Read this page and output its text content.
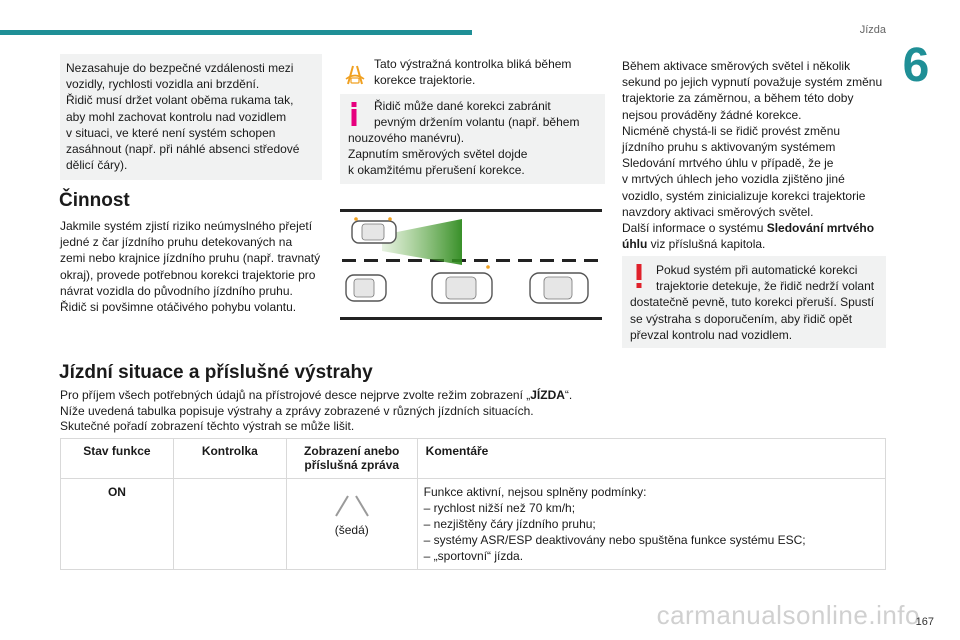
Jízda
6
Nezasahuje do bezpečné vzdálenosti mezi
vozidly, rychlosti vozidla ani brzdění.
Řidič musí držet volant oběma rukama tak,
aby mohl zachovat kontrolu nad vozidlem
v situaci, ve které není systém schopen
zasáhnout (např. při náhlé absenci středové
dělicí čáry).
Činnost
Jakmile systém zjistí riziko neúmyslného přejetí
jedné z čar jízdního pruhu detekovaných na
zemi nebo krajnice jízdního pruhu (např. travnatý
okraj), provede potřebnou korekci trajektorie pro
návrat vozidla do původního jízdního pruhu.
Řidič si povšimne otáčivého pohybu volantu.
Tato výstražná kontrolka bliká během
korekce trajektorie.
Řidič může dané korekci zabránit
pevným držením volantu (např. během
nouzového manévru).
Zapnutím směrových světel dojde
k okamžitému přerušení korekce.
Během aktivace směrových světel i několik
sekund po jejich vypnutí považuje systém změnu
trajektorie za záměrnou, a během této doby
nejsou prováděny žádné korekce.
Nicméně chystá-li se řidič provést změnu
jízdního pruhu s aktivovaným systémem
Sledování mrtvého úhlu v případě, že je
v mrtvých úhlech jeho vozidla zjištěno jiné
vozidlo, systém zinicializuje korekci trajektorie
navzdory aktivaci směrových světel.
Další informace o systému Sledování mrtvého úhlu viz příslušná kapitola.
Pokud systém při automatické korekci
trajektorie detekuje, že řidič nedrží volant
dostatečně pevně, tuto korekci přeruší. Spustí
se výstraha s doporučením, aby řidič opět
převzal kontrolu nad vozidlem.
Jízdní situace a příslušné výstrahy
Pro příjem všech potřebných údajů na přístrojové desce nejprve zvolte režim zobrazení „JÍZDA“.
Níže uvedená tabulka popisuje výstrahy a zprávy zobrazené v různých jízdních situacích.
Skutečné pořadí zobrazení těchto výstrah se může lišit.
Stav funkce	Kontrolka	Zobrazení anebo příslušná zpráva	Komentáře
ON		(šedá)	Funkce aktivní, nejsou splněny podmínky:
– rychlost nižší než 70 km/h;
– nezjištěny čáry jízdního pruhu;
– systémy ASR/ESP deaktivovány nebo spuštěna funkce systému ESC;
– „sportovní“ jízda.
carmanualsonline.info
167
